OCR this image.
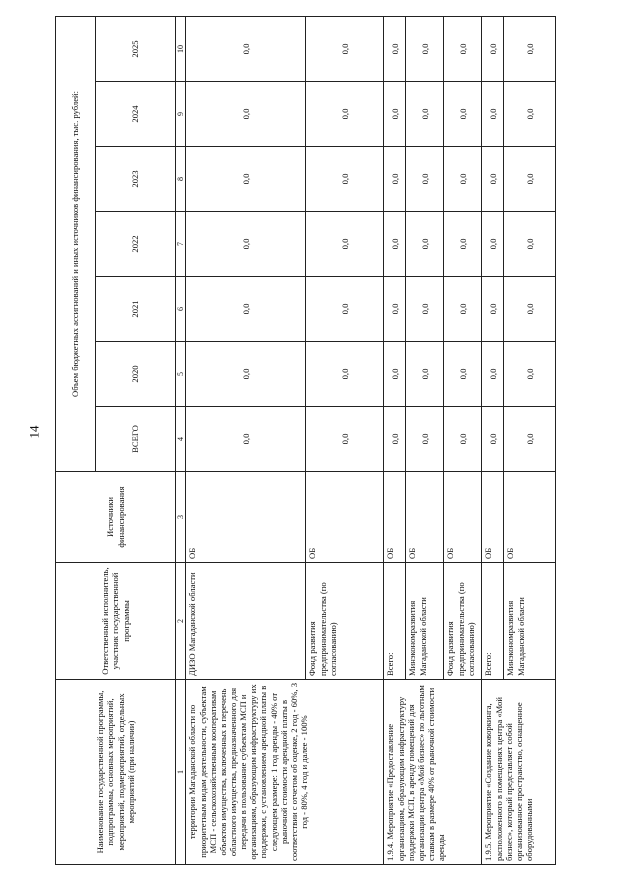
14
Наименование государственной программы, подпрограммы, основных мероприятий, мероприятий, подмероприятий, отдельных мероприятий (при наличии)	Ответственный исполнитель, участник государственной программы	Источники финансирования	Объем бюджетных ассигнований и иных источников финансирования, тыс. рублей:						
			ВСЕГО	2020	2021	2022	2023	2024	2025
1	2	3	4	5	6	7	8	9	10
территории Магаданской области по приоритетным видам деятельности, субъектам МСП - сельскохозяйственным кооперативам объектов имущества, включенных в перечень областного имущества, предназначенного для передачи в пользование субъектам МСП и организациям, образующим инфраструктуру их поддержки, с установлением арендной платы в следующем размере: 1 год аренды - 40% от рыночной стоимости арендной платы в соответствии с отчетом об оценке, 2 год - 60%, 3 год - 80%, 4 год и далее - 100%	ДИЗО Магаданской области	ОБ	0,0	0,0	0,0	0,0	0,0	0,0	0,0
	Фонд развития предпринимательства (по согласованию)	ОБ	0,0	0,0	0,0	0,0	0,0	0,0	0,0
1.9.4. Мероприятие «Предоставление организациям, образующим инфраструктуру поддержки МСП, в аренду помещений для организации центра «Мой бизнес» по льготным ставкам в размере 40% от рыночной стоимости аренды	Всего:	ОБ	0,0	0,0	0,0	0,0	0,0	0,0	0,0
	Минэкономразвития Магаданской области	ОБ	0,0	0,0	0,0	0,0	0,0	0,0	0,0
	Фонд развития предпринимательства (по согласованию)	ОБ	0,0	0,0	0,0	0,0	0,0	0,0	0,0
1.9.5. Мероприятие «Создание коворкинга, расположенного в помещениях центра «Мой бизнес», который представляет собой организованное пространство, оснащенное оборудованными	Всего:	ОБ	0,0	0,0	0,0	0,0	0,0	0,0	0,0
	Минэкономразвития Магаданской области	ОБ	0,0	0,0	0,0	0,0	0,0	0,0	0,0
